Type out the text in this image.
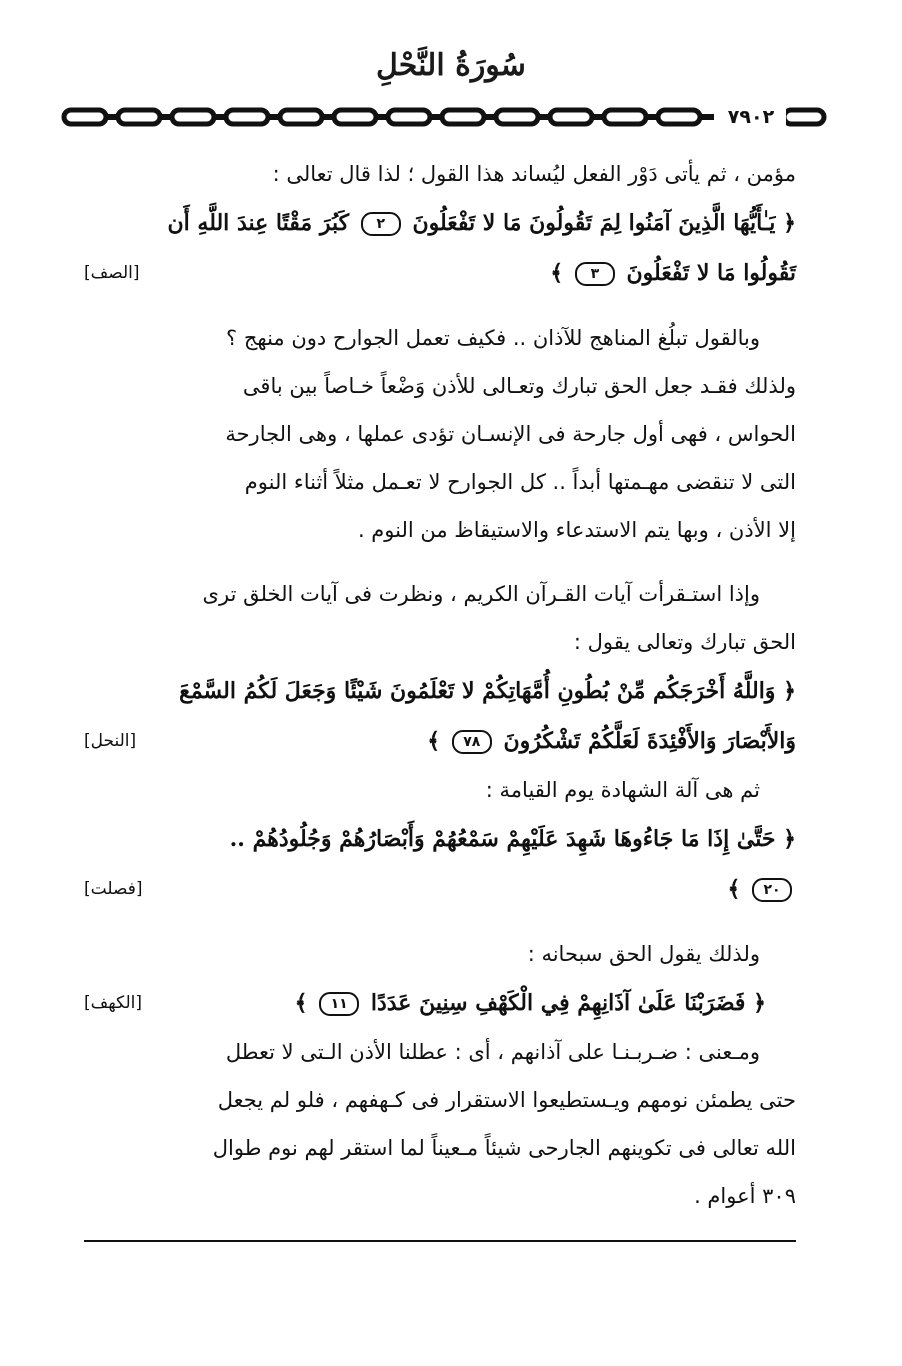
سُورَةُ النَّحْلِ
٧٩٠٢
مؤمن ، ثم يأتى دَوْر الفعل ليُساند هذا القول ؛ لذا قال تعالى :
﴿ يَـٰأَيُّهَا الَّذِينَ آمَنُوا لِمَ تَقُولُونَ مَا لا تَفْعَلُونَ ٢ كَبُرَ مَقْتًا عِندَ اللَّهِ أَن
تَقُولُوا مَا لا تَفْعَلُونَ ٣ ﴾
[الصف]
وبالقول تبلُغ المناهج للآذان .. فكيف تعمل الجوارح دون منهج ؟
ولذلك فقـد جعل الحق تبارك وتعـالى للأذن وَضْعاً خـاصاً بين باقى
الحواس ، فهى أول جارحة فى الإنسـان تؤدى عملها ، وهى الجارحة
التى لا تنقضى مهـمتها أبداً .. كل الجوارح لا تعـمل مثلاً أثناء النوم
إلا الأذن ، وبها يتم الاستدعاء والاستيقاظ من النوم .
وإذا استـقرأت آيات القـرآن الكريم ، ونظرت فى آيات الخلق ترى
الحق تبارك وتعالى يقول :
﴿ وَاللَّهُ أَخْرَجَكُم مِّنْ بُطُونِ أُمَّهَاتِكُمْ لا تَعْلَمُونَ شَيْئًا وَجَعَلَ لَكُمُ السَّمْعَ
وَالأَبْصَارَ وَالأَفْئِدَةَ لَعَلَّكُمْ تَشْكُرُونَ ٧٨ ﴾
[النحل]
ثم هى آلة الشهادة يوم القيامة :
﴿ حَتَّىٰ إِذَا مَا جَاءُوهَا شَهِدَ عَلَيْهِمْ سَمْعُهُمْ وَأَبْصَارُهُمْ وَجُلُودُهُمْ ..
٢٠ ﴾
[فصلت]
ولذلك يقول الحق سبحانه :
﴿ فَضَرَبْنَا عَلَىٰ آذَانِهِمْ فِي الْكَهْفِ سِنِينَ عَدَدًا ١١ ﴾
[الكهف]
ومـعنى : ضـربـنـا على آذانهم ، أى : عطلنا الأذن الـتى لا تعطل
حتى يطمئن نومهم ويـستطيعوا الاستقرار فى كـهفهم ، فلو لم يجعل
الله تعالى فى تكوينهم الجارحى شيئاً مـعيناً لما استقر لهم نوم طوال
٣٠٩ أعوام .
